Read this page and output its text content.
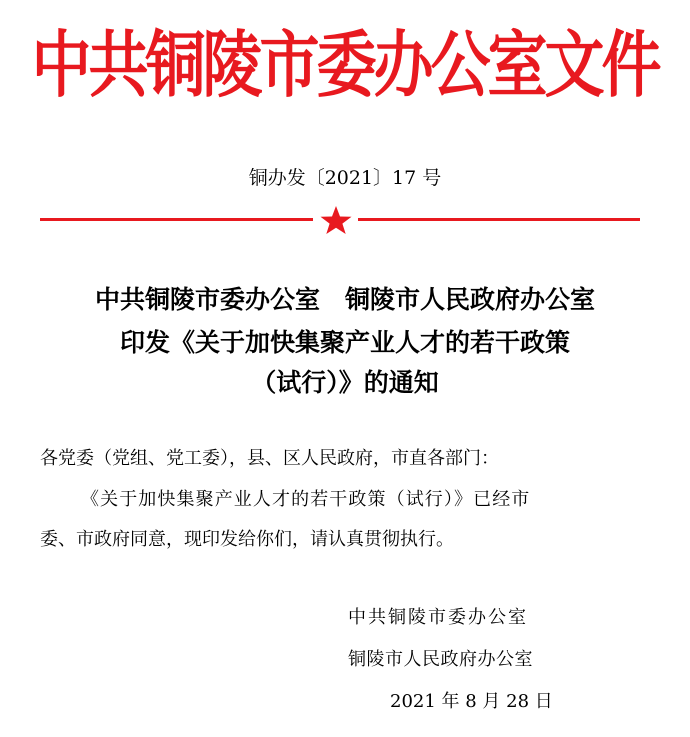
中共铜陵市委办公室文件
铜办发〔2021〕17 号
中共铜陵市委办公室　铜陵市人民政府办公室
印发《关于加快集聚产业人才的若干政策
（试行）》的通知
各党委（党组、党工委），县、区人民政府，市直各部门：
《关于加快集聚产业人才的若干政策（试行）》已经市
委、市政府同意，现印发给你们，请认真贯彻执行。
中共铜陵市委办公室
铜陵市人民政府办公室
2021 年 8 月 28 日
